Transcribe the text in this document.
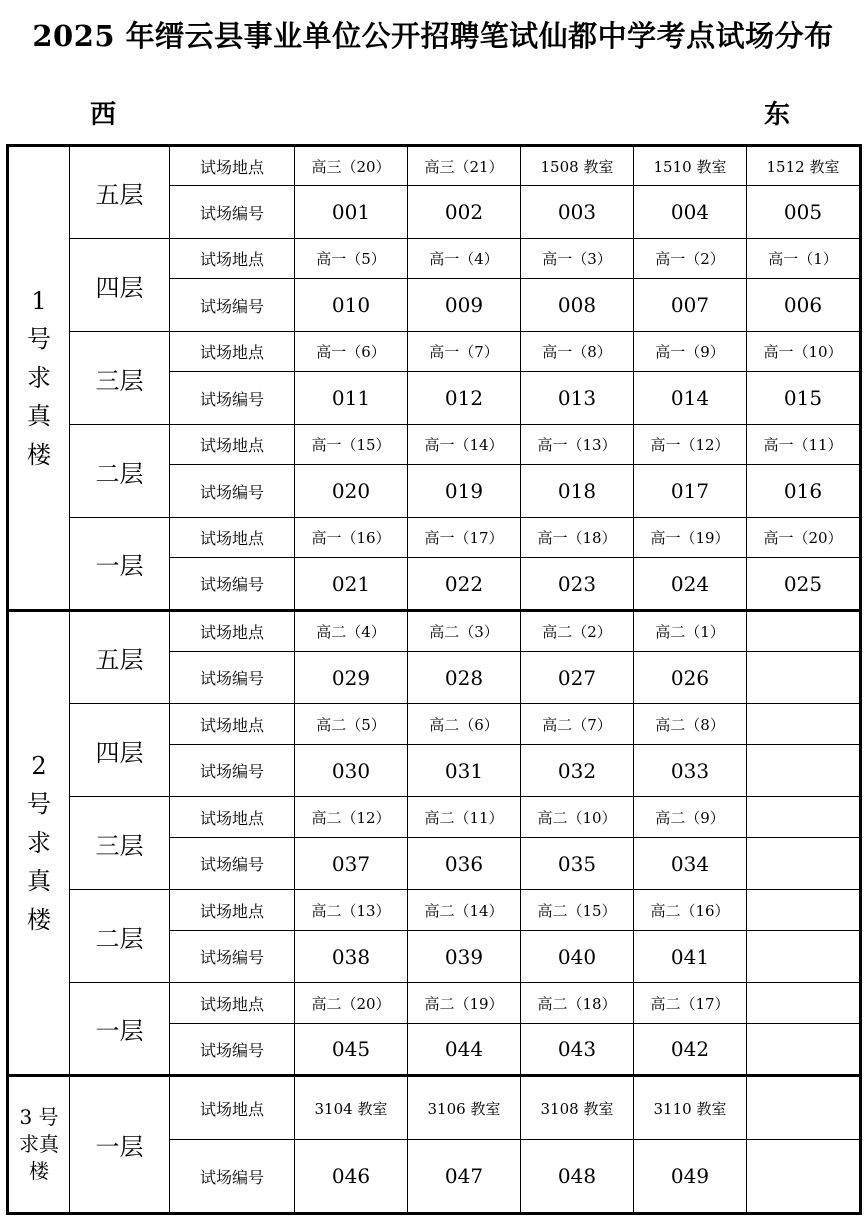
2025 年缙云县事业单位公开招聘笔试仙都中学考点试场分布
西	东
1
号
求
真
楼	五层	试场地点	高三（20）	高三（21）	1508 教室	1510 教室	1512 教室
		试场编号	001	002	003	004	005
	四层	试场地点	高一（5）	高一（4）	高一（3）	高一（2）	高一（1）
		试场编号	010	009	008	007	006
	三层	试场地点	高一（6）	高一（7）	高一（8）	高一（9）	高一（10）
		试场编号	011	012	013	014	015
	二层	试场地点	高一（15）	高一（14）	高一（13）	高一（12）	高一（11）
		试场编号	020	019	018	017	016
	一层	试场地点	高一（16）	高一（17）	高一（18）	高一（19）	高一（20）
		试场编号	021	022	023	024	025

2
号
求
真
楼	五层	试场地点	高二（4）	高二（3）	高二（2）	高二（1）	
		试场编号	029	028	027	026	
	四层	试场地点	高二（5）	高二（6）	高二（7）	高二（8）	
		试场编号	030	031	032	033	
	三层	试场地点	高二（12）	高二（11）	高二（10）	高二（9）	
		试场编号	037	036	035	034	
	二层	试场地点	高二（13）	高二（14）	高二（15）	高二（16）	
		试场编号	038	039	040	041	
	一层	试场地点	高二（20）	高二（19）	高二（18）	高二（17）	
		试场编号	045	044	043	042	

3 号
求真
楼	一层	试场地点	3104 教室	3106 教室	3108 教室	3110 教室	
		试场编号	046	047	048	049	
